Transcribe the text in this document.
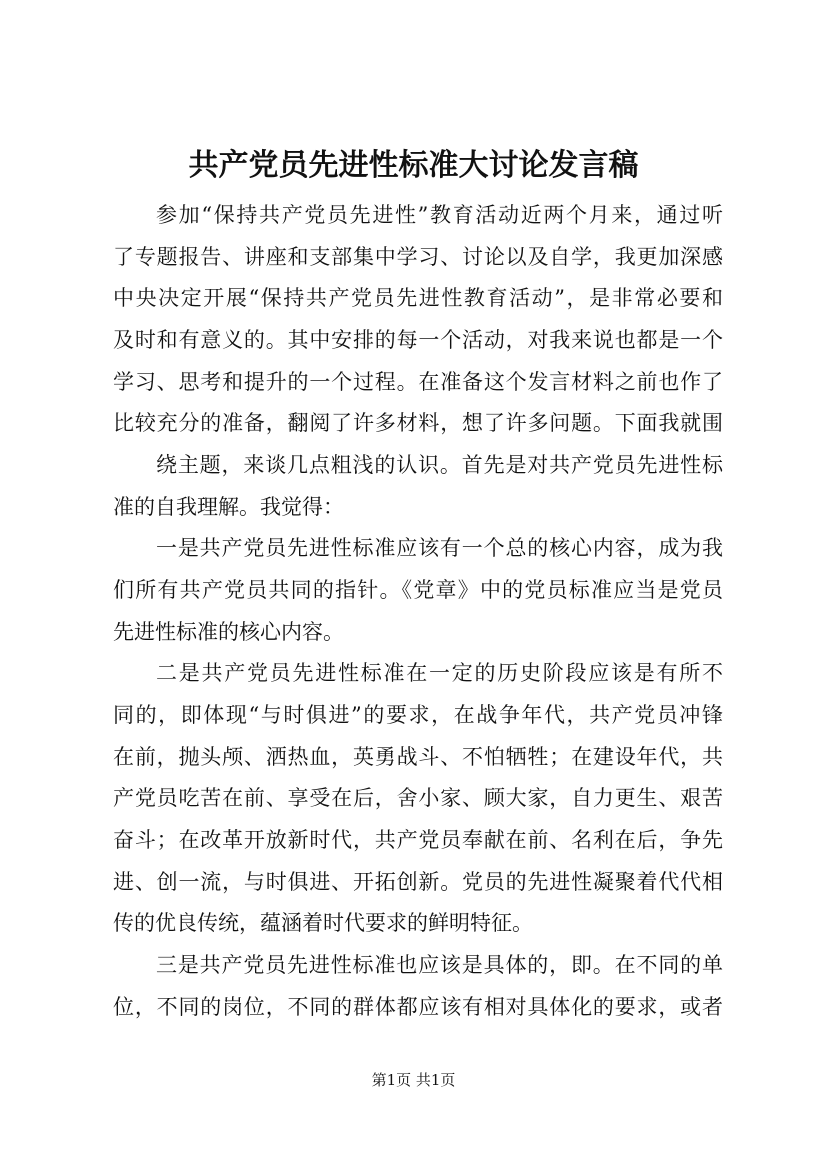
共产党员先进性标准大讨论发言稿
参加“保持共产党员先进性”教育活动近两个月来，通过听
了专题报告、讲座和支部集中学习、讨论以及自学，我更加深感
中央决定开展“保持共产党员先进性教育活动”，是非常必要和
及时和有意义的。其中安排的每一个活动，对我来说也都是一个
学习、思考和提升的一个过程。在准备这个发言材料之前也作了
比较充分的准备，翻阅了许多材料，想了许多问题。下面我就围
绕主题，来谈几点粗浅的认识。首先是对共产党员先进性标
准的自我理解。我觉得：
一是共产党员先进性标准应该有一个总的核心内容，成为我
们所有共产党员共同的指针。《党章》中的党员标准应当是党员
先进性标准的核心内容。
二是共产党员先进性标准在一定的历史阶段应该是有所不
同的，即体现“与时俱进”的要求，在战争年代，共产党员冲锋
在前，抛头颅、洒热血，英勇战斗、不怕牺牲；在建设年代，共
产党员吃苦在前、享受在后，舍小家、顾大家，自力更生、艰苦
奋斗；在改革开放新时代，共产党员奉献在前、名利在后，争先
进、创一流，与时俱进、开拓创新。党员的先进性凝聚着代代相
传的优良传统，蕴涵着时代要求的鲜明特征。
三是共产党员先进性标准也应该是具体的，即。在不同的单
位，不同的岗位，不同的群体都应该有相对具体化的要求，或者
第1页 共1页
